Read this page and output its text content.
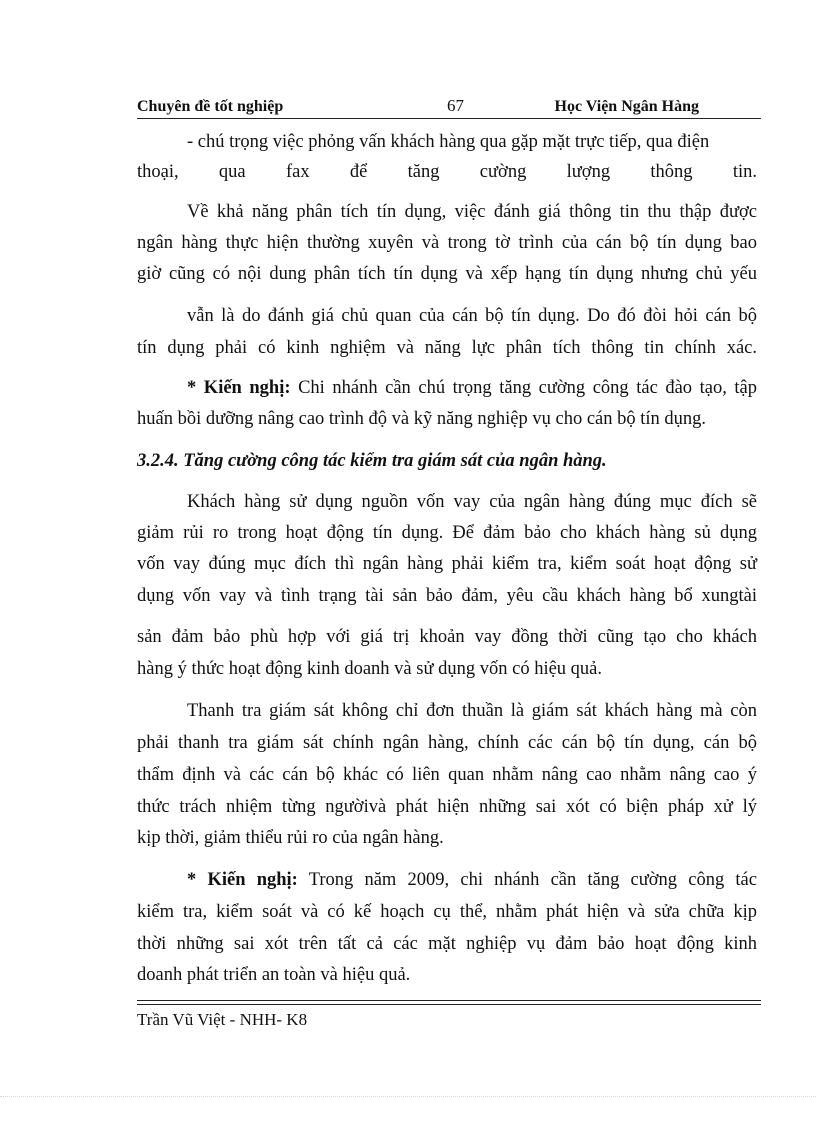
Chuyên đề tốt nghiệp	67	Học Viện Ngân Hàng
- chú trọng việc phỏng vấn khách hàng qua gặp mặt trực tiếp, qua điện
thoại, qua fax để tăng cường lượng thông tin.
Về khả năng phân tích tín dụng, việc đánh giá thông tin thu thập được
ngân hàng thực hiện thường xuyên và trong tờ trình của cán bộ tín dụng bao
giờ cũng có nội dung phân tích tín dụng và xếp hạng tín dụng nhưng chủ yếu
vẫn là do đánh giá chủ quan của cán bộ tín dụng. Do đó đòi hỏi cán bộ
tín dụng phải có kinh nghiệm và năng lực phân tích thông tin chính xác.
* Kiến nghị: Chi nhánh cần chú trọng tăng cường công tác đào tạo, tập
huấn bồi dưỡng nâng cao trình độ và kỹ năng nghiệp vụ cho cán bộ tín dụng.
3.2.4. Tăng cường công tác kiểm tra giám sát của ngân hàng.
Khách hàng sử dụng nguồn vốn vay của ngân hàng đúng mục đích sẽ
giảm rủi ro trong hoạt động tín dụng. Để đảm bảo cho khách hàng sủ dụng
vốn vay đúng mục đích thì ngân hàng phải kiểm tra, kiểm soát hoạt động sử
dụng vốn vay và tình trạng tài sản bảo đảm, yêu cầu khách hàng bổ xungtài
sản đảm bảo phù hợp với giá trị khoản vay đồng thời cũng tạo cho khách
hàng ý thức hoạt động kinh doanh và sử dụng vốn có hiệu quả.
Thanh tra giám sát không chỉ đơn thuần là giám sát khách hàng mà còn
phải thanh tra giám sát chính ngân hàng, chính các cán bộ tín dụng, cán bộ
thẩm định và các cán bộ khác có liên quan nhằm nâng cao nhằm nâng cao ý
thức trách nhiệm từng ngườivà phát hiện những sai xót có biện pháp xử lý
kịp thời, giảm thiểu rủi ro của ngân hàng.
* Kiến nghị: Trong năm 2009, chi nhánh cần tăng cường công tác
kiểm tra, kiểm soát và có kế hoạch cụ thể, nhằm phát hiện và sửa chữa kịp
thời những sai xót trên tất cả các mặt nghiệp vụ đảm bảo hoạt động kinh
doanh phát triển an toàn và hiệu quả.
Trần Vũ Việt - NHH- K8
